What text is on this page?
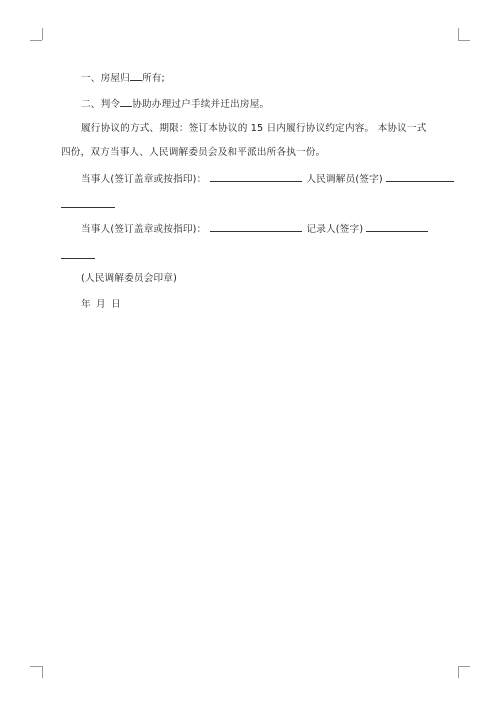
一、房屋归 所有;
二、判令 协助办理过户手续并迁出房屋。
履行协议的方式、期限：签订本协议的 15 日内履行协议约定内容。 本协议一式
四份，双方当事人、人民调解委员会及和平派出所各执一份。
当事人(签订盖章或按指印)：	人民调解员(签字)
当事人(签订盖章或按指印)：	记录人(签字)
(人民调解委员会印章)
年 月 日
